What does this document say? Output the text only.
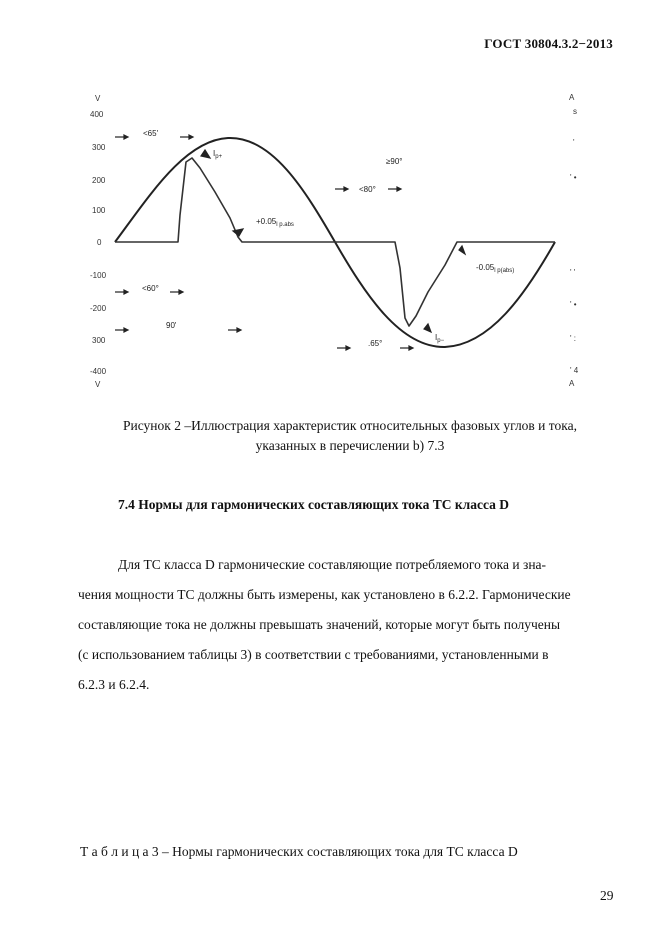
ГОСТ 30804.3.2−2013
V
400
300
200
100
0
-100
-200
300
-400
V
A
s
'
' •
' '
' •
' :
' 4
A
<65'
$I_{p+}$	≥90°
<80°
$+0.05_{l p.abs}$
$-0.05_{l p(abs)}$
<60°
90'
$I_{p-}$
.65°
Рисунок 2 –Иллюстрация характеристик относительных фазовых углов и тока,
указанных в перечислении b) 7.3
7.4 Нормы для гармонических составляющих тока ТС класса D
Для ТС класса D гармонические составляющие потребляемого тока и зна-
чения мощности ТС должны быть измерены, как установлено в 6.2.2. Гармонические
составляющие тока не должны превышать значений, которые могут быть получены
(с использованием таблицы 3) в соответствии с требованиями, установленными в
6.2.3 и 6.2.4.
Т а б л и ц а 3 – Нормы гармонических составляющих тока для ТС класса D
29
